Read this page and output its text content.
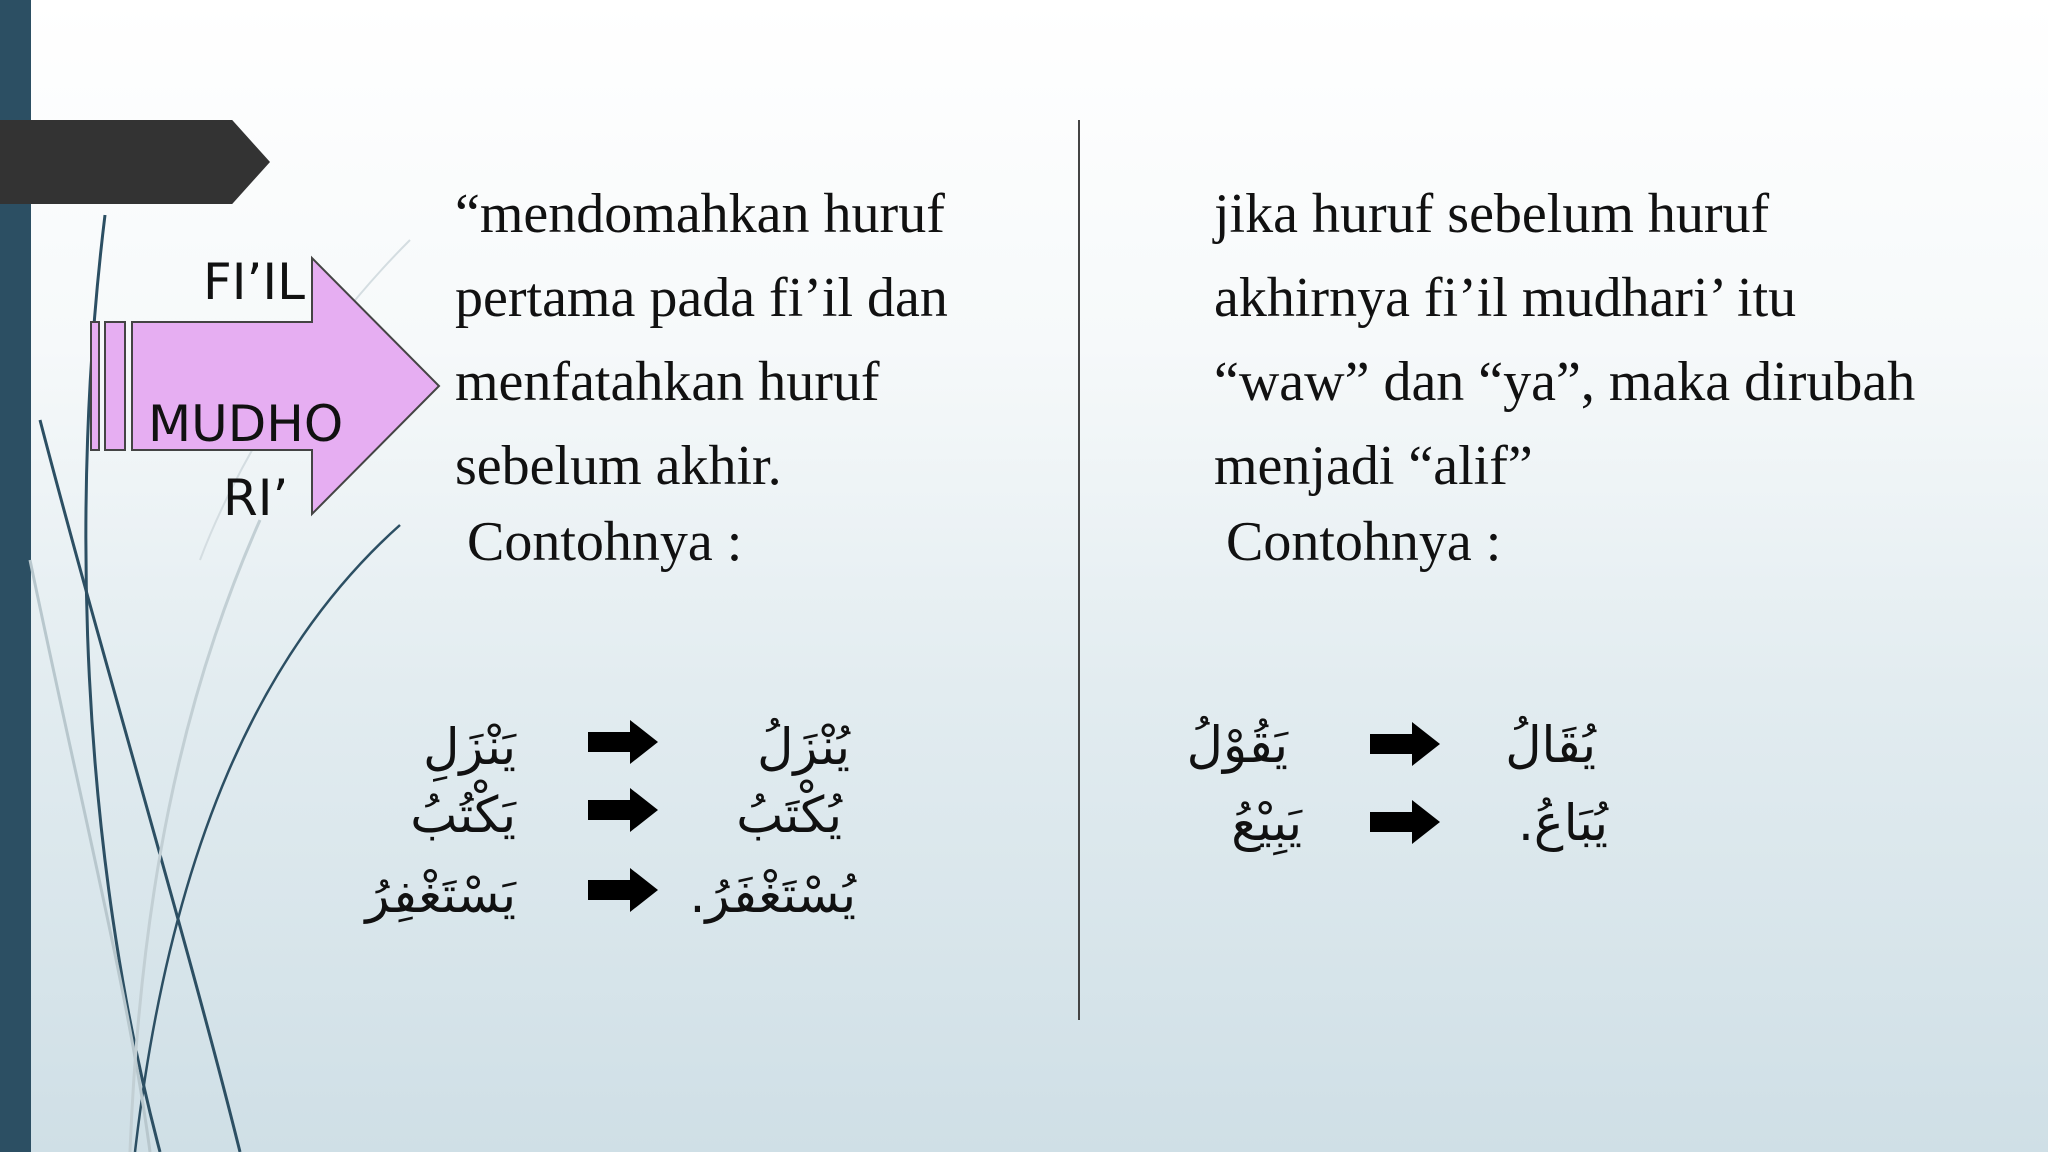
FI’IL
MUDHO
RI’
“mendomahkan huruf
pertama pada fi’il dan
menfatahkan huruf
sebelum akhir.
Contohnya :
jika huruf sebelum huruf
akhirnya fi’il mudhari’ itu
“waw” dan “ya”, maka dirubah
menjadi “alif”
Contohnya :
يَنْزَلِ	يُنْزَلُ
يَكْتُبُ	يُكْتَبُ
يَسْتَغْفِرُ	يُسْتَغْفَرُ.
يَقُوْلُ	يُقَالُ
يَبِيْعُ	يُبَاعُ.
